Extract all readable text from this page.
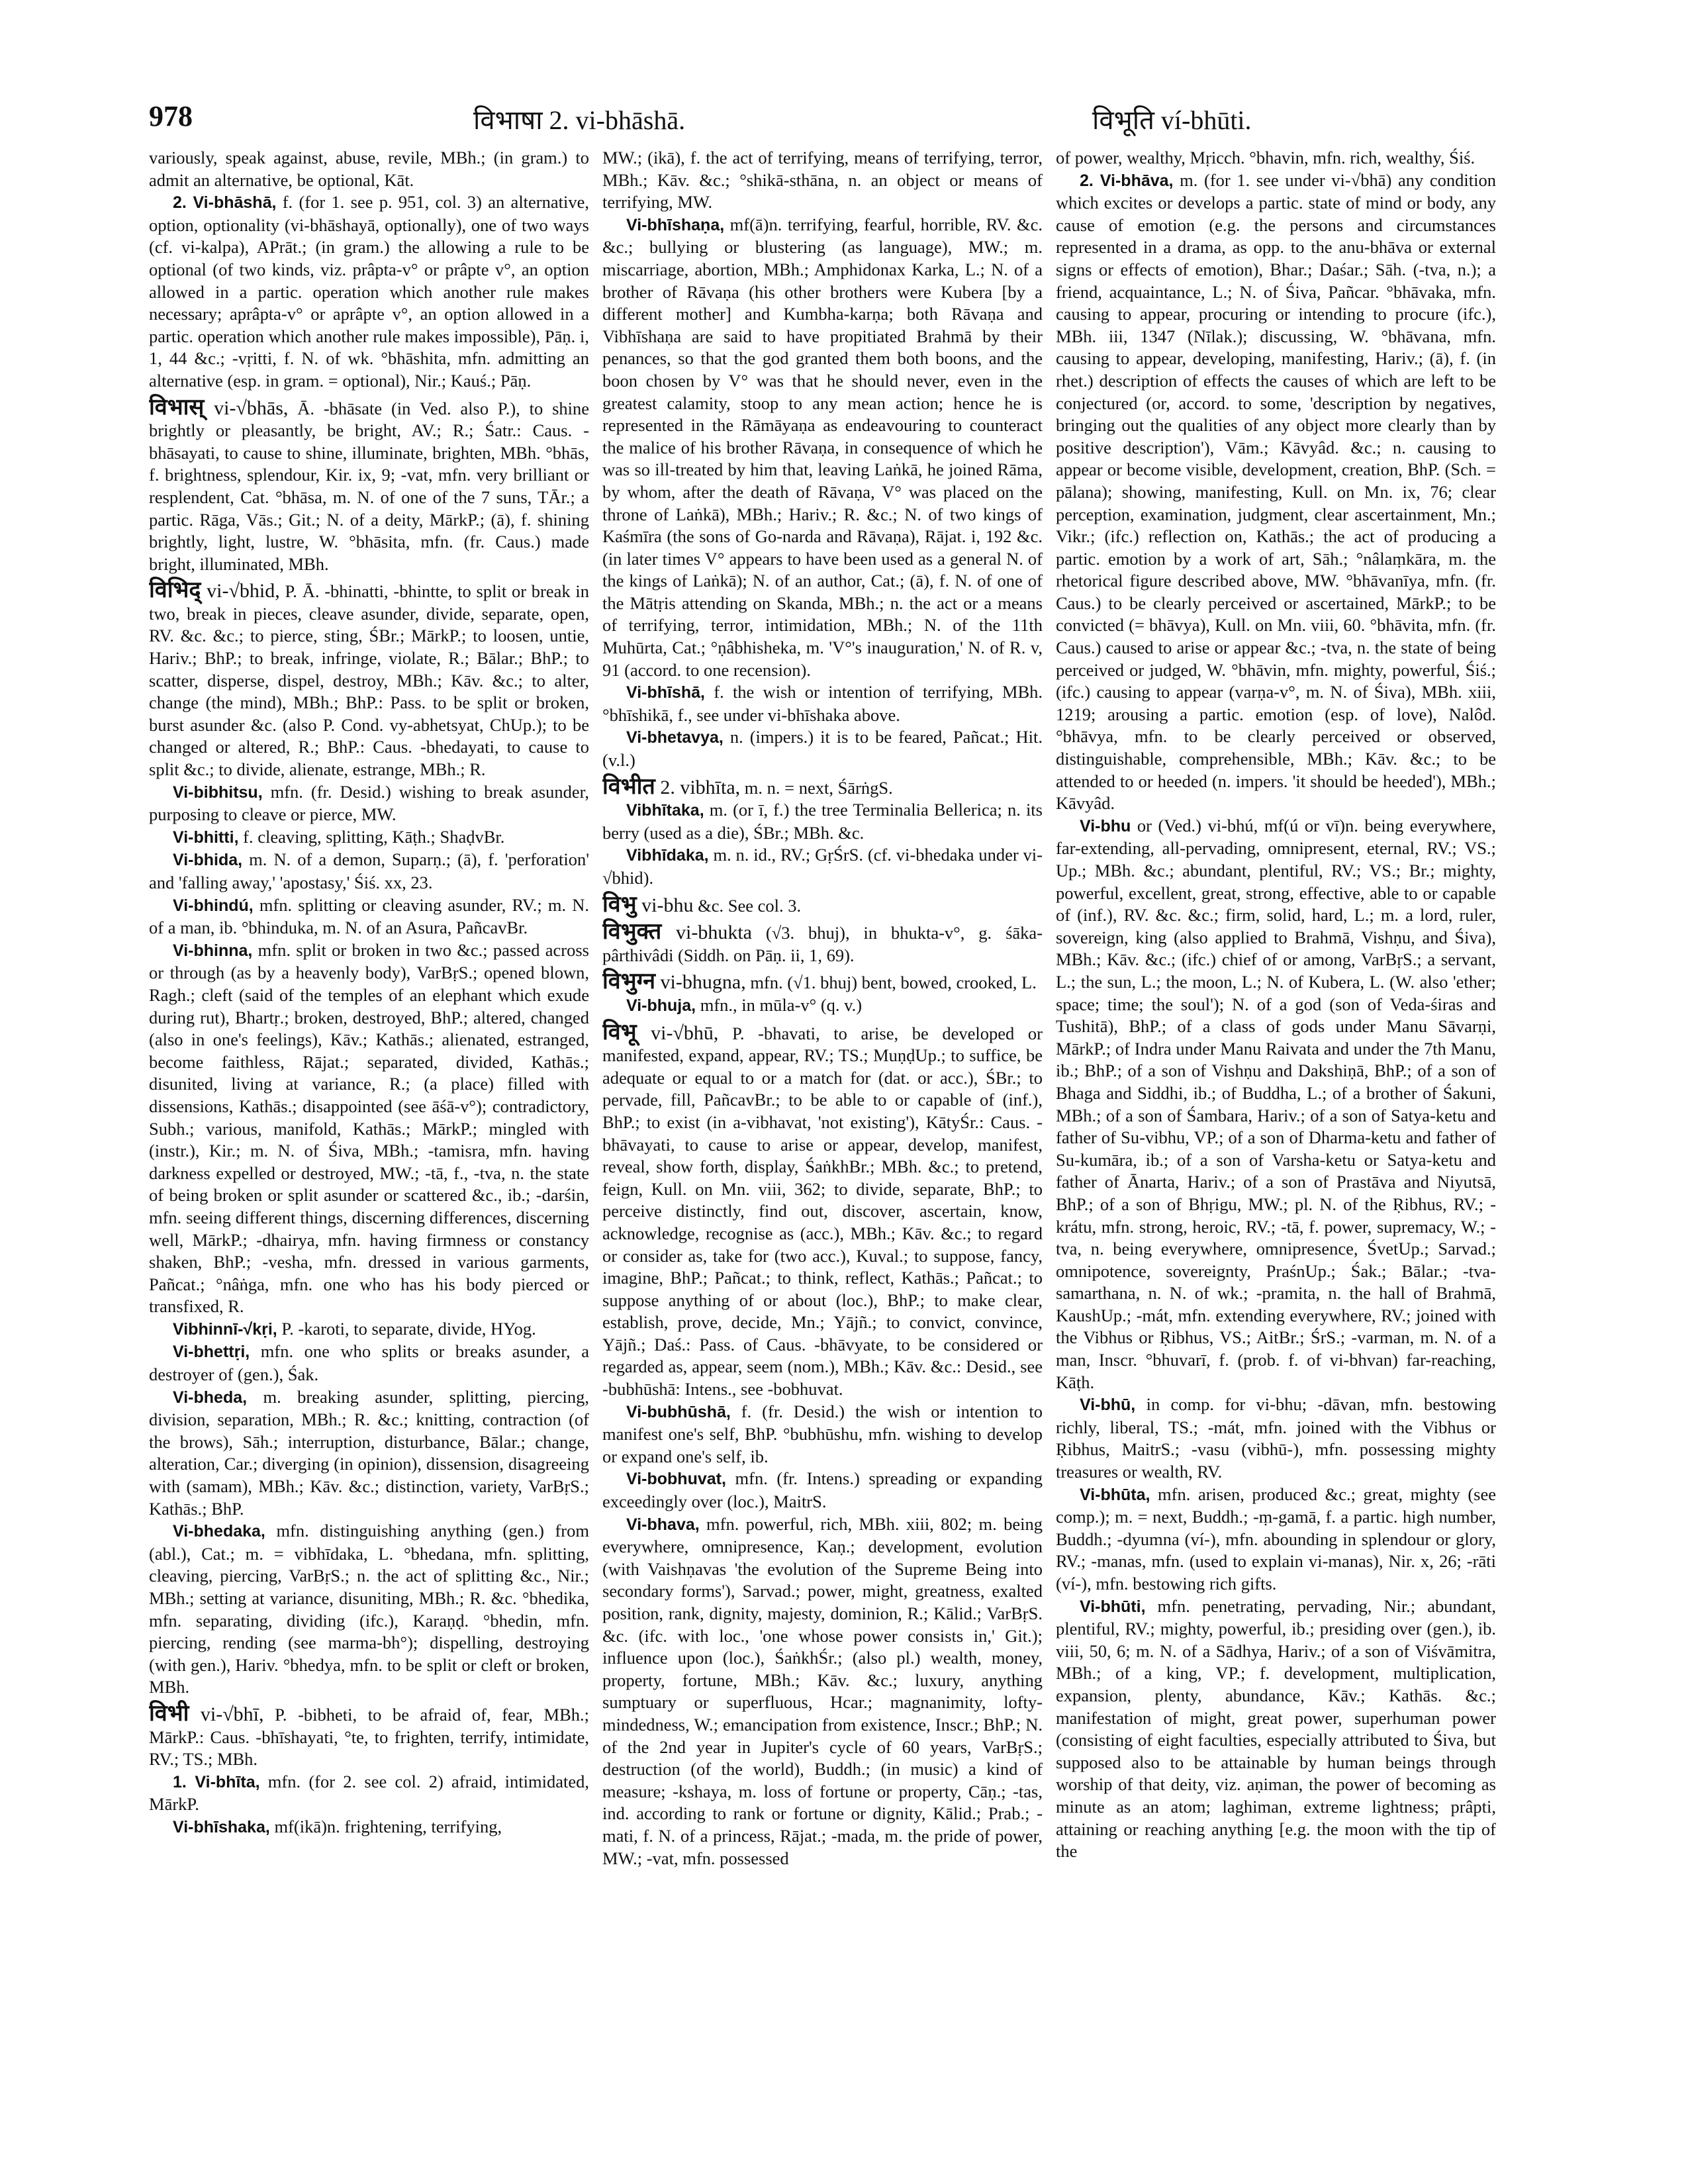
978	विभाषा 2. vi-bhāshā.	विभूति ví-bhūti.

variously, speak against, abuse, revile, MBh.; (in gram.) to admit an alternative, be optional, Kāt.

2. Vi-bhāshā, f. (for 1. see p. 951, col. 3) an alternative, option, optionality (vi-bhāshayā, optionally), one of two ways (cf. vi-kalpa), APrāt.; (in gram.) the allowing a rule to be optional (of two kinds, viz. prâpta-v° or prâpte v°, an option allowed in a partic. operation which another rule makes necessary; aprâpta-v° or aprâpte v°, an option allowed in a partic. operation which another rule makes impossible), Pāṇ. i, 1, 44 &c.; -vṛitti, f. N. of wk. °bhāshita, mfn. admitting an alternative (esp. in gram. = optional), Nir.; Kauś.; Pāṇ.

विभास् vi-√bhās, Ā. -bhāsate (in Ved. also P.), to shine brightly or pleasantly, be bright, AV.; R.; Śatr.: Caus. -bhāsayati, to cause to shine, illuminate, brighten, MBh. °bhās, f. brightness, splendour, Kir. ix, 9; -vat, mfn. very brilliant or resplendent, Cat. °bhāsa, m. N. of one of the 7 suns, TĀr.; a partic. Rāga, Vās.; Git.; N. of a deity, MārkP.; (ā), f. shining brightly, light, lustre, W. °bhāsita, mfn. (fr. Caus.) made bright, illuminated, MBh.

विभिद् vi-√bhid, P. Ā. -bhinatti, -bhintte, to split or break in two, break in pieces, cleave asunder, divide, separate, open, RV. &c. &c.; to pierce, sting, ŚBr.; MārkP.; to loosen, untie, Hariv.; BhP.; to break, infringe, violate, R.; Bālar.; BhP.; to scatter, disperse, dispel, destroy, MBh.; Kāv. &c.; to alter, change (the mind), MBh.; BhP.: Pass. to be split or broken, burst asunder &c. (also P. Cond. vy-abhetsyat, ChUp.); to be changed or altered, R.; BhP.: Caus. -bhedayati, to cause to split &c.; to divide, alienate, estrange, MBh.; R.

Vi-bibhitsu, mfn. (fr. Desid.) wishing to break asunder, purposing to cleave or pierce, MW.

Vi-bhitti, f. cleaving, splitting, Kāṭh.; ShaḍvBr.

Vi-bhida, m. N. of a demon, Suparṇ.; (ā), f. 'perforation' and 'falling away,' 'apostasy,' Śiś. xx, 23.

Vi-bhindú, mfn. splitting or cleaving asunder, RV.; m. N. of a man, ib. °bhinduka, m. N. of an Asura, PañcavBr.

Vi-bhinna, mfn. split or broken in two &c.; passed across or through (as by a heavenly body), VarBṛS.; opened blown, Ragh.; cleft (said of the temples of an elephant which exude during rut), Bhartṛ.; broken, destroyed, BhP.; altered, changed (also in one's feelings), Kāv.; Kathās.; alienated, estranged, become faithless, Rājat.; separated, divided, Kathās.; disunited, living at variance, R.; (a place) filled with dissensions, Kathās.; disappointed (see āśā-v°); contradictory, Subh.; various, manifold, Kathās.; MārkP.; mingled with (instr.), Kir.; m. N. of Śiva, MBh.; -tamisra, mfn. having darkness expelled or destroyed, MW.; -tā, f., -tva, n. the state of being broken or split asunder or scattered &c., ib.; -darśin, mfn. seeing different things, discerning differences, discerning well, MārkP.; -dhairya, mfn. having firmness or constancy shaken, BhP.; -vesha, mfn. dressed in various garments, Pañcat.; °nâṅga, mfn. one who has his body pierced or transfixed, R.

Vibhinnī-√kṛi, P. -karoti, to separate, divide, HYog.

Vi-bhettṛi, mfn. one who splits or breaks asunder, a destroyer of (gen.), Śak.

Vi-bheda, m. breaking asunder, splitting, piercing, division, separation, MBh.; R. &c.; knitting, contraction (of the brows), Sāh.; interruption, disturbance, Bālar.; change, alteration, Car.; diverging (in opinion), dissension, disagreeing with (samam), MBh.; Kāv. &c.; distinction, variety, VarBṛS.; Kathās.; BhP.

Vi-bhedaka, mfn. distinguishing anything (gen.) from (abl.), Cat.; m. = vibhīdaka, L. °bhedana, mfn. splitting, cleaving, piercing, VarBṛS.; n. the act of splitting &c., Nir.; MBh.; setting at variance, disuniting, MBh.; R. &c. °bhedika, mfn. separating, dividing (ifc.), Karaṇḍ. °bhedin, mfn. piercing, rending (see marma-bh°); dispelling, destroying (with gen.), Hariv. °bhedya, mfn. to be split or cleft or broken, MBh.

विभी vi-√bhī, P. -bibheti, to be afraid of, fear, MBh.; MārkP.: Caus. -bhīshayati, °te, to frighten, terrify, intimidate, RV.; TS.; MBh.

1. Vi-bhīta, mfn. (for 2. see col. 2) afraid, intimidated, MārkP.

Vi-bhīshaka, mf(ikā)n. frightening, terrifying,

MW.; (ikā), f. the act of terrifying, means of terrifying, terror, MBh.; Kāv. &c.; °shikā-sthāna, n. an object or means of terrifying, MW.

Vi-bhīshaṇa, mf(ā)n. terrifying, fearful, horrible, RV. &c. &c.; bullying or blustering (as language), MW.; m. miscarriage, abortion, MBh.; Amphidonax Karka, L.; N. of a brother of Rāvaṇa (his other brothers were Kubera [by a different mother] and Kumbha-karṇa; both Rāvaṇa and Vibhīshaṇa are said to have propitiated Brahmā by their penances, so that the god granted them both boons, and the boon chosen by V° was that he should never, even in the greatest calamity, stoop to any mean action; hence he is represented in the Rāmāyaṇa as endeavouring to counteract the malice of his brother Rāvaṇa, in consequence of which he was so ill-treated by him that, leaving Laṅkā, he joined Rāma, by whom, after the death of Rāvaṇa, V° was placed on the throne of Laṅkā), MBh.; Hariv.; R. &c.; N. of two kings of Kaśmīra (the sons of Go-narda and Rāvaṇa), Rājat. i, 192 &c. (in later times V° appears to have been used as a general N. of the kings of Laṅkā); N. of an author, Cat.; (ā), f. N. of one of the Mātṛis attending on Skanda, MBh.; n. the act or a means of terrifying, terror, intimidation, MBh.; N. of the 11th Muhūrta, Cat.; °ṇâbhisheka, m. 'V°'s inauguration,' N. of R. v, 91 (accord. to one recension).

Vi-bhīshā, f. the wish or intention of terrifying, MBh. °bhīshikā, f., see under vi-bhīshaka above.

Vi-bhetavya, n. (impers.) it is to be feared, Pañcat.; Hit. (v.l.)

विभीत 2. vibhīta, m. n. = next, ŚārṅgS.

Vibhītaka, m. (or ī, f.) the tree Terminalia Bellerica; n. its berry (used as a die), ŚBr.; MBh. &c.

Vibhīdaka, m. n. id., RV.; GṛŚrS. (cf. vi-bhedaka under vi-√bhid).

विभु vi-bhu &c. See col. 3.

विभुक्त vi-bhukta (√3. bhuj), in bhukta-v°, g. śāka-pârthivâdi (Siddh. on Pāṇ. ii, 1, 69).

विभुग्न vi-bhugna, mfn. (√1. bhuj) bent, bowed, crooked, L.

Vi-bhuja, mfn., in mūla-v° (q. v.)

विभू vi-√bhū, P. -bhavati, to arise, be developed or manifested, expand, appear, RV.; TS.; MuṇḍUp.; to suffice, be adequate or equal to or a match for (dat. or acc.), ŚBr.; to pervade, fill, PañcavBr.; to be able to or capable of (inf.), BhP.; to exist (in a-vibhavat, 'not existing'), KātyŚr.: Caus. -bhāvayati, to cause to arise or appear, develop, manifest, reveal, show forth, display, ŚaṅkhBr.; MBh. &c.; to pretend, feign, Kull. on Mn. viii, 362; to divide, separate, BhP.; to perceive distinctly, find out, discover, ascertain, know, acknowledge, recognise as (acc.), MBh.; Kāv. &c.; to regard or consider as, take for (two acc.), Kuval.; to suppose, fancy, imagine, BhP.; Pañcat.; to think, reflect, Kathās.; Pañcat.; to suppose anything of or about (loc.), BhP.; to make clear, establish, prove, decide, Mn.; Yājñ.; to convict, convince, Yājñ.; Daś.: Pass. of Caus. -bhāvyate, to be considered or regarded as, appear, seem (nom.), MBh.; Kāv. &c.: Desid., see -bubhūshā: Intens., see -bobhuvat.

Vi-bubhūshā, f. (fr. Desid.) the wish or intention to manifest one's self, BhP. °bubhūshu, mfn. wishing to develop or expand one's self, ib.

Vi-bobhuvat, mfn. (fr. Intens.) spreading or expanding exceedingly over (loc.), MaitrS.

Vi-bhava, mfn. powerful, rich, MBh. xiii, 802; m. being everywhere, omnipresence, Kaṇ.; development, evolution (with Vaishṇavas 'the evolution of the Supreme Being into secondary forms'), Sarvad.; power, might, greatness, exalted position, rank, dignity, majesty, dominion, R.; Kālid.; VarBṛS. &c. (ifc. with loc., 'one whose power consists in,' Git.); influence upon (loc.), ŚaṅkhŚr.; (also pl.) wealth, money, property, fortune, MBh.; Kāv. &c.; luxury, anything sumptuary or superfluous, Hcar.; magnanimity, lofty-mindedness, W.; emancipation from existence, Inscr.; BhP.; N. of the 2nd year in Jupiter's cycle of 60 years, VarBṛS.; destruction (of the world), Buddh.; (in music) a kind of measure; -kshaya, m. loss of fortune or property, Cāṇ.; -tas, ind. according to rank or fortune or dignity, Kālid.; Prab.; -mati, f. N. of a princess, Rājat.; -mada, m. the pride of power, MW.; -vat, mfn. possessed

of power, wealthy, Mṛicch. °bhavin, mfn. rich, wealthy, Śiś.

2. Vi-bhāva, m. (for 1. see under vi-√bhā) any condition which excites or develops a partic. state of mind or body, any cause of emotion (e.g. the persons and circumstances represented in a drama, as opp. to the anu-bhāva or external signs or effects of emotion), Bhar.; Daśar.; Sāh. (-tva, n.); a friend, acquaintance, L.; N. of Śiva, Pañcar. °bhāvaka, mfn. causing to appear, procuring or intending to procure (ifc.), MBh. iii, 1347 (Nīlak.); discussing, W. °bhāvana, mfn. causing to appear, developing, manifesting, Hariv.; (ā), f. (in rhet.) description of effects the causes of which are left to be conjectured (or, accord. to some, 'description by negatives, bringing out the qualities of any object more clearly than by positive description'), Vām.; Kāvyâd. &c.; n. causing to appear or become visible, development, creation, BhP. (Sch. = pālana); showing, manifesting, Kull. on Mn. ix, 76; clear perception, examination, judgment, clear ascertainment, Mn.; Vikr.; (ifc.) reflection on, Kathās.; the act of producing a partic. emotion by a work of art, Sāh.; °nâlaṃkāra, m. the rhetorical figure described above, MW. °bhāvanīya, mfn. (fr. Caus.) to be clearly perceived or ascertained, MārkP.; to be convicted (= bhāvya), Kull. on Mn. viii, 60. °bhāvita, mfn. (fr. Caus.) caused to arise or appear &c.; -tva, n. the state of being perceived or judged, W. °bhāvin, mfn. mighty, powerful, Śiś.; (ifc.) causing to appear (varṇa-v°, m. N. of Śiva), MBh. xiii, 1219; arousing a partic. emotion (esp. of love), Nalôd. °bhāvya, mfn. to be clearly perceived or observed, distinguishable, comprehensible, MBh.; Kāv. &c.; to be attended to or heeded (n. impers. 'it should be heeded'), MBh.; Kāvyâd.

Vi-bhu or (Ved.) vi-bhú, mf(ú or vī)n. being everywhere, far-extending, all-pervading, omnipresent, eternal, RV.; VS.; Up.; MBh. &c.; abundant, plentiful, RV.; VS.; Br.; mighty, powerful, excellent, great, strong, effective, able to or capable of (inf.), RV. &c. &c.; firm, solid, hard, L.; m. a lord, ruler, sovereign, king (also applied to Brahmā, Vishṇu, and Śiva), MBh.; Kāv. &c.; (ifc.) chief of or among, VarBṛS.; a servant, L.; the sun, L.; the moon, L.; N. of Kubera, L. (W. also 'ether; space; time; the soul'); N. of a god (son of Veda-śiras and Tushitā), BhP.; of a class of gods under Manu Sāvarṇi, MārkP.; of Indra under Manu Raivata and under the 7th Manu, ib.; BhP.; of a son of Vishṇu and Dakshiṇā, BhP.; of a son of Bhaga and Siddhi, ib.; of Buddha, L.; of a brother of Śakuni, MBh.; of a son of Śambara, Hariv.; of a son of Satya-ketu and father of Su-vibhu, VP.; of a son of Dharma-ketu and father of Su-kumāra, ib.; of a son of Varsha-ketu or Satya-ketu and father of Ānarta, Hariv.; of a son of Prastāva and Niyutsā, BhP.; of a son of Bhṛigu, MW.; pl. N. of the Ṛibhus, RV.; -krátu, mfn. strong, heroic, RV.; -tā, f. power, supremacy, W.; -tva, n. being everywhere, omnipresence, ŚvetUp.; Sarvad.; omnipotence, sovereignty, PraśnUp.; Śak.; Bālar.; -tva-samarthana, n. N. of wk.; -pramita, n. the hall of Brahmā, KaushUp.; -mát, mfn. extending everywhere, RV.; joined with the Vibhus or Ṛibhus, VS.; AitBr.; ŚrS.; -varman, m. N. of a man, Inscr. °bhuvarī, f. (prob. f. of vi-bhvan) far-reaching, Kāṭh.

Vi-bhū, in comp. for vi-bhu; -dāvan, mfn. bestowing richly, liberal, TS.; -mát, mfn. joined with the Vibhus or Ṛibhus, MaitrS.; -vasu (vibhū-), mfn. possessing mighty treasures or wealth, RV.

Vi-bhūta, mfn. arisen, produced &c.; great, mighty (see comp.); m. = next, Buddh.; -ṃ-gamā, f. a partic. high number, Buddh.; -dyumna (ví-), mfn. abounding in splendour or glory, RV.; -manas, mfn. (used to explain vi-manas), Nir. x, 26; -rāti (ví-), mfn. bestowing rich gifts.

Vi-bhūti, mfn. penetrating, pervading, Nir.; abundant, plentiful, RV.; mighty, powerful, ib.; presiding over (gen.), ib. viii, 50, 6; m. N. of a Sādhya, Hariv.; of a son of Viśvāmitra, MBh.; of a king, VP.; f. development, multiplication, expansion, plenty, abundance, Kāv.; Kathās. &c.; manifestation of might, great power, superhuman power (consisting of eight faculties, especially attributed to Śiva, but supposed also to be attainable by human beings through worship of that deity, viz. aṇiman, the power of becoming as minute as an atom; laghiman, extreme lightness; prâpti, attaining or reaching anything [e.g. the moon with the tip of the
